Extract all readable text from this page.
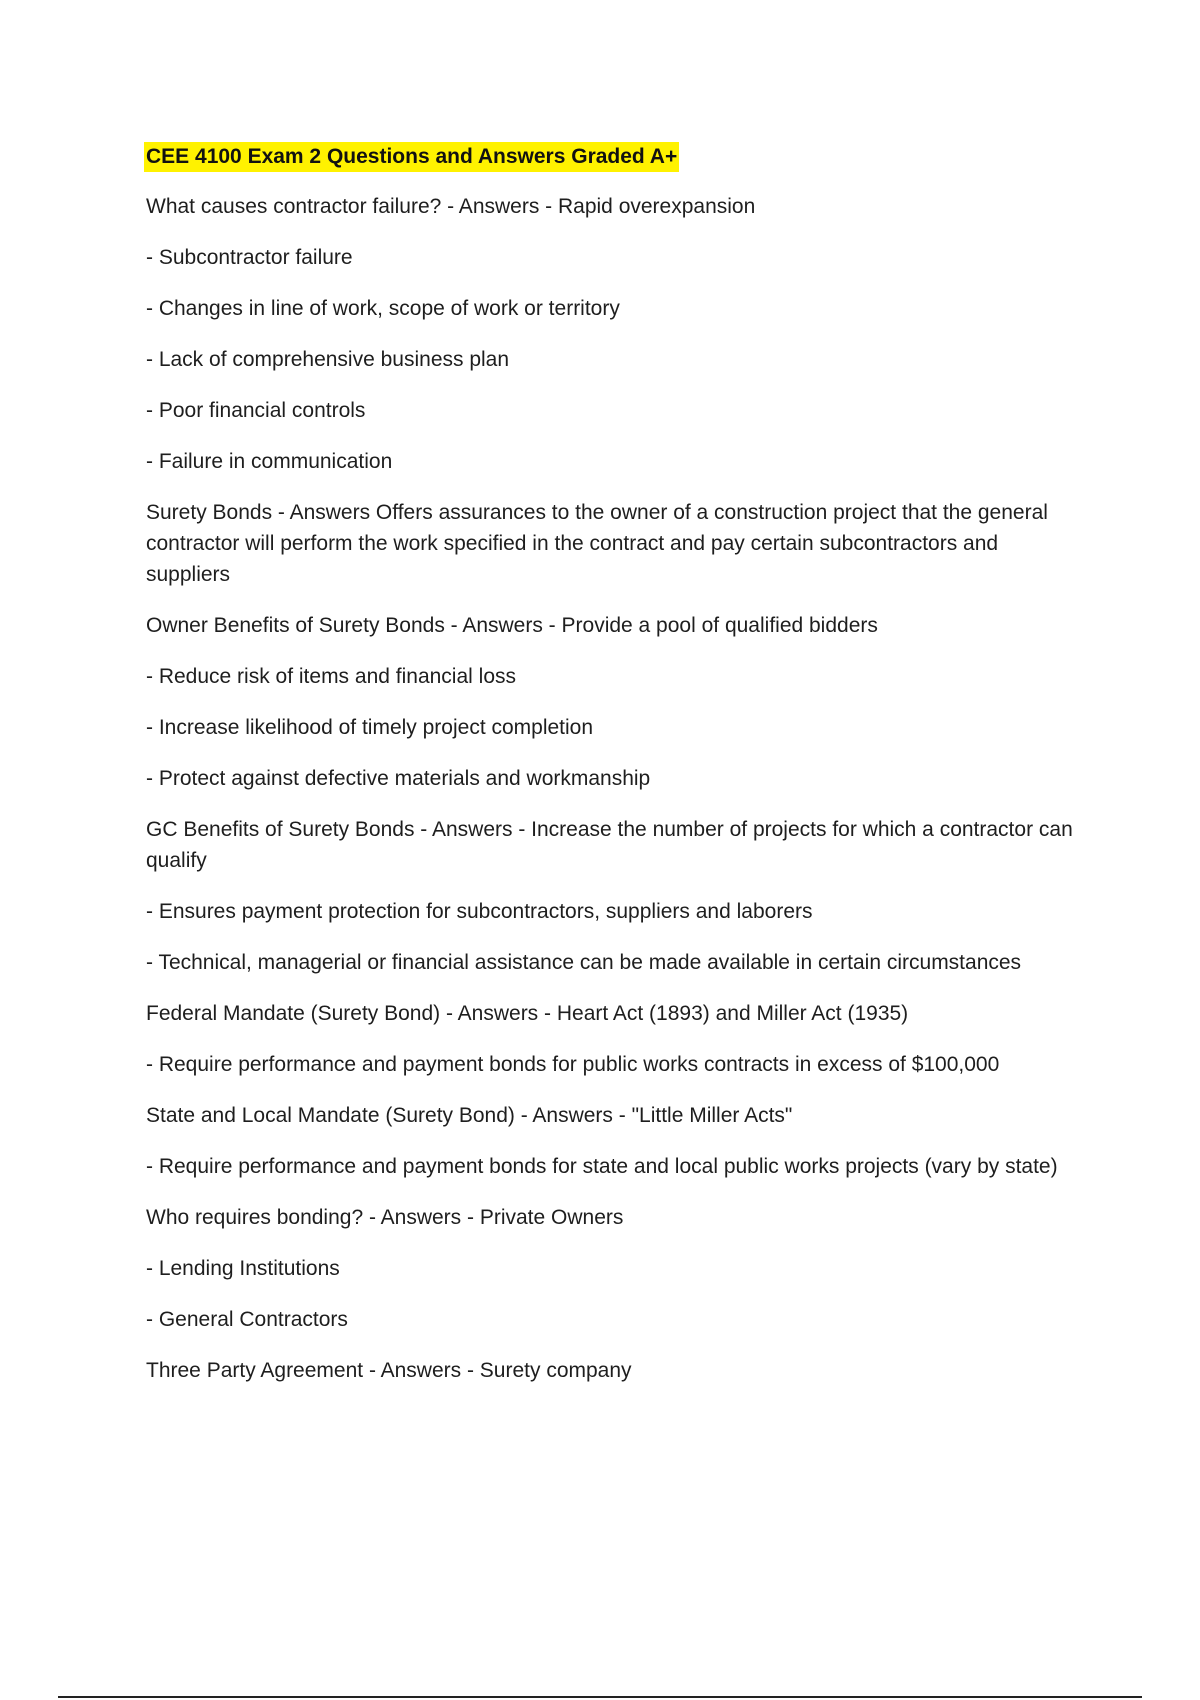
CEE 4100 Exam 2 Questions and Answers Graded A+

What causes contractor failure? - Answers - Rapid overexpansion

- Subcontractor failure

- Changes in line of work, scope of work or territory

- Lack of comprehensive business plan

- Poor financial controls

- Failure in communication

Surety Bonds - Answers Offers assurances to the owner of a construction project that the general contractor will perform the work specified in the contract and pay certain subcontractors and suppliers

Owner Benefits of Surety Bonds - Answers - Provide a pool of qualified bidders

- Reduce risk of items and financial loss

- Increase likelihood of timely project completion

- Protect against defective materials and workmanship

GC Benefits of Surety Bonds - Answers - Increase the number of projects for which a contractor can qualify

- Ensures payment protection for subcontractors, suppliers and laborers

- Technical, managerial or financial assistance can be made available in certain circumstances

Federal Mandate (Surety Bond) - Answers - Heart Act (1893) and Miller Act (1935)

- Require performance and payment bonds for public works contracts in excess of $100,000

State and Local Mandate (Surety Bond) - Answers - "Little Miller Acts"

- Require performance and payment bonds for state and local public works projects (vary by state)

Who requires bonding? - Answers - Private Owners

- Lending Institutions

- General Contractors

Three Party Agreement - Answers - Surety company
